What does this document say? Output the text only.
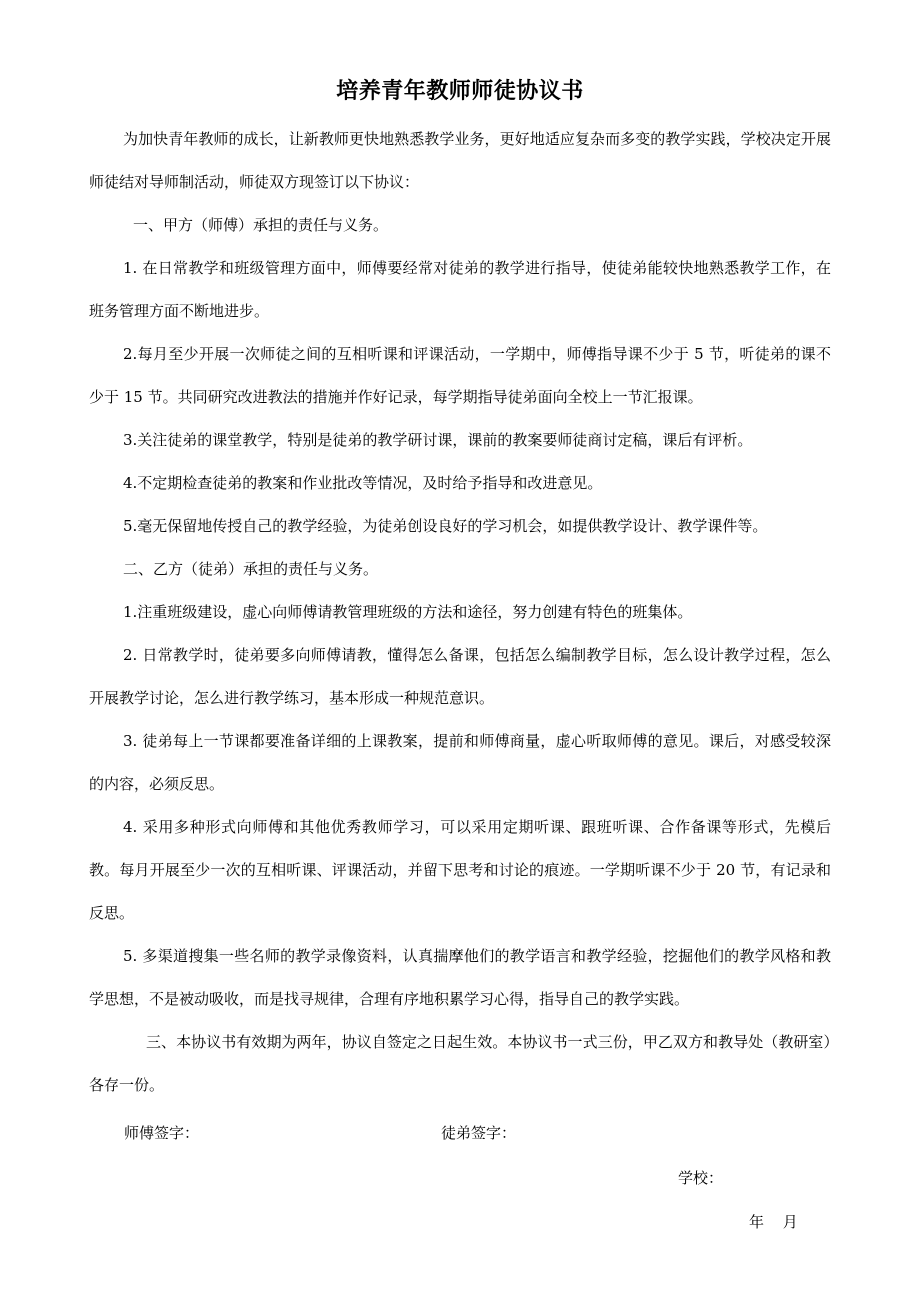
培养青年教师师徒协议书

为加快青年教师的成长，让新教师更快地熟悉教学业务，更好地适应复杂而多变的教学实践，学校决定开展师徒结对导师制活动，师徒双方现签订以下协议：

一、甲方（师傅）承担的责任与义务。

1. 在日常教学和班级管理方面中，师傅要经常对徒弟的教学进行指导，使徒弟能较快地熟悉教学工作，在班务管理方面不断地进步。

2.每月至少开展一次师徒之间的互相听课和评课活动，一学期中，师傅指导课不少于 5 节，听徒弟的课不少于 15 节。共同研究改进教法的措施并作好记录，每学期指导徒弟面向全校上一节汇报课。

3.关注徒弟的课堂教学，特别是徒弟的教学研讨课，课前的教案要师徒商讨定稿，课后有评析。

4.不定期检查徒弟的教案和作业批改等情况，及时给予指导和改进意见。

5.毫无保留地传授自己的教学经验，为徒弟创设良好的学习机会，如提供教学设计、教学课件等。

二、乙方（徒弟）承担的责任与义务。

1.注重班级建设，虚心向师傅请教管理班级的方法和途径，努力创建有特色的班集体。

2. 日常教学时，徒弟要多向师傅请教，懂得怎么备课，包括怎么编制教学目标，怎么设计教学过程，怎么开展教学讨论，怎么进行教学练习，基本形成一种规范意识。

3. 徒弟每上一节课都要准备详细的上课教案，提前和师傅商量，虚心听取师傅的意见。课后，对感受较深的内容，必须反思。

4. 采用多种形式向师傅和其他优秀教师学习，可以采用定期听课、跟班听课、合作备课等形式，先模后教。每月开展至少一次的互相听课、评课活动，并留下思考和讨论的痕迹。一学期听课不少于 20 节，有记录和反思。

5. 多渠道搜集一些名师的教学录像资料，认真揣摩他们的教学语言和教学经验，挖掘他们的教学风格和教学思想，不是被动吸收，而是找寻规律，合理有序地积累学习心得，指导自己的教学实践。

三、本协议书有效期为两年，协议自签定之日起生效。本协议书一式三份，甲乙双方和教导处（教研室）各存一份。

师傅签字：	徒弟签字：
学校：
年 月
